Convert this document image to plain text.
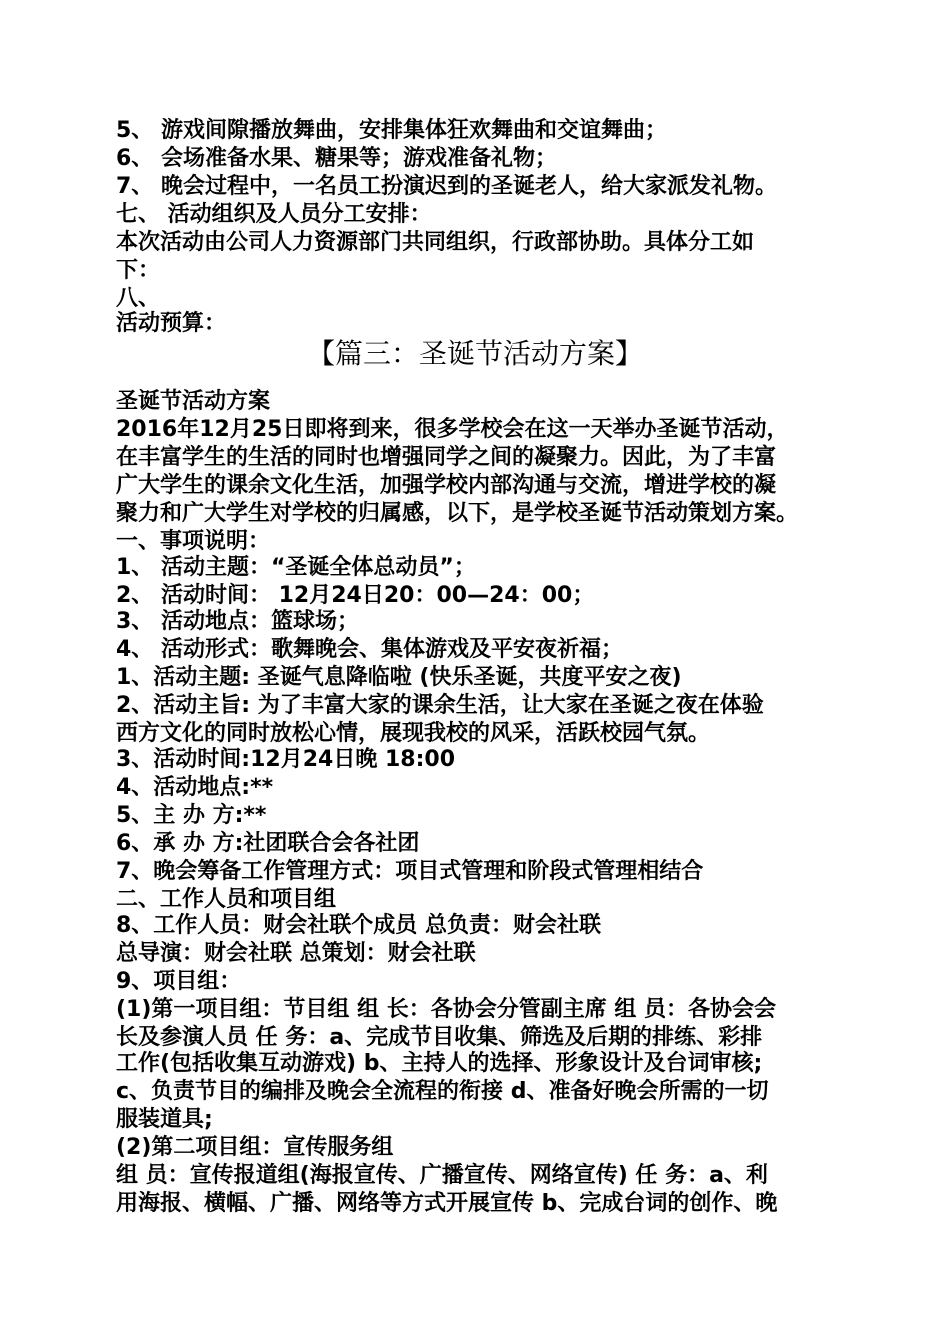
5、 游戏间隙播放舞曲，安排集体狂欢舞曲和交谊舞曲；
6、 会场准备水果、糖果等；游戏准备礼物；
7、 晚会过程中，一名员工扮演迟到的圣诞老人，给大家派发礼物。
七、 活动组织及人员分工安排：
本次活动由公司人力资源部门共同组织，行政部协助。具体分工如
下：
八、
活动预算：
【篇三：圣诞节活动方案】
圣诞节活动方案
2016年12月25日即将到来，很多学校会在这一天举办圣诞节活动，
在丰富学生的生活的同时也增强同学之间的凝聚力。因此，为了丰富
广大学生的课余文化生活，加强学校内部沟通与交流，增进学校的凝
聚力和广大学生对学校的归属感，以下，是学校圣诞节活动策划方案。
一、事项说明：
1、 活动主题：“圣诞全体总动员”；
2、 活动时间： 12月24日20：00—24：00；
3、 活动地点：篮球场；
4、 活动形式：歌舞晚会、集体游戏及平安夜祈福；
1、活动主题: 圣诞气息降临啦 (快乐圣诞，共度平安之夜)
2、活动主旨: 为了丰富大家的课余生活，让大家在圣诞之夜在体验
西方文化的同时放松心情，展现我校的风采，活跃校园气氛。
3、活动时间:12月24日晚 18:00
4、活动地点:**
5、主 办 方:**
6、承 办 方:社团联合会各社团
7、晚会筹备工作管理方式：项目式管理和阶段式管理相结合
二、工作人员和项目组
8、工作人员：财会社联个成员 总负责：财会社联
总导演：财会社联 总策划：财会社联
9、项目组：
(1)第一项目组：节目组 组 长：各协会分管副主席 组 员：各协会会
长及参演人员 任 务：a、完成节目收集、筛选及后期的排练、彩排
工作(包括收集互动游戏) b、主持人的选择、形象设计及台词审核;
c、负责节目的编排及晚会全流程的衔接 d、准备好晚会所需的一切
服装道具;
(2)第二项目组：宣传服务组
组 员：宣传报道组(海报宣传、广播宣传、网络宣传) 任 务：a、利
用海报、横幅、广播、网络等方式开展宣传 b、完成台词的创作、晚
